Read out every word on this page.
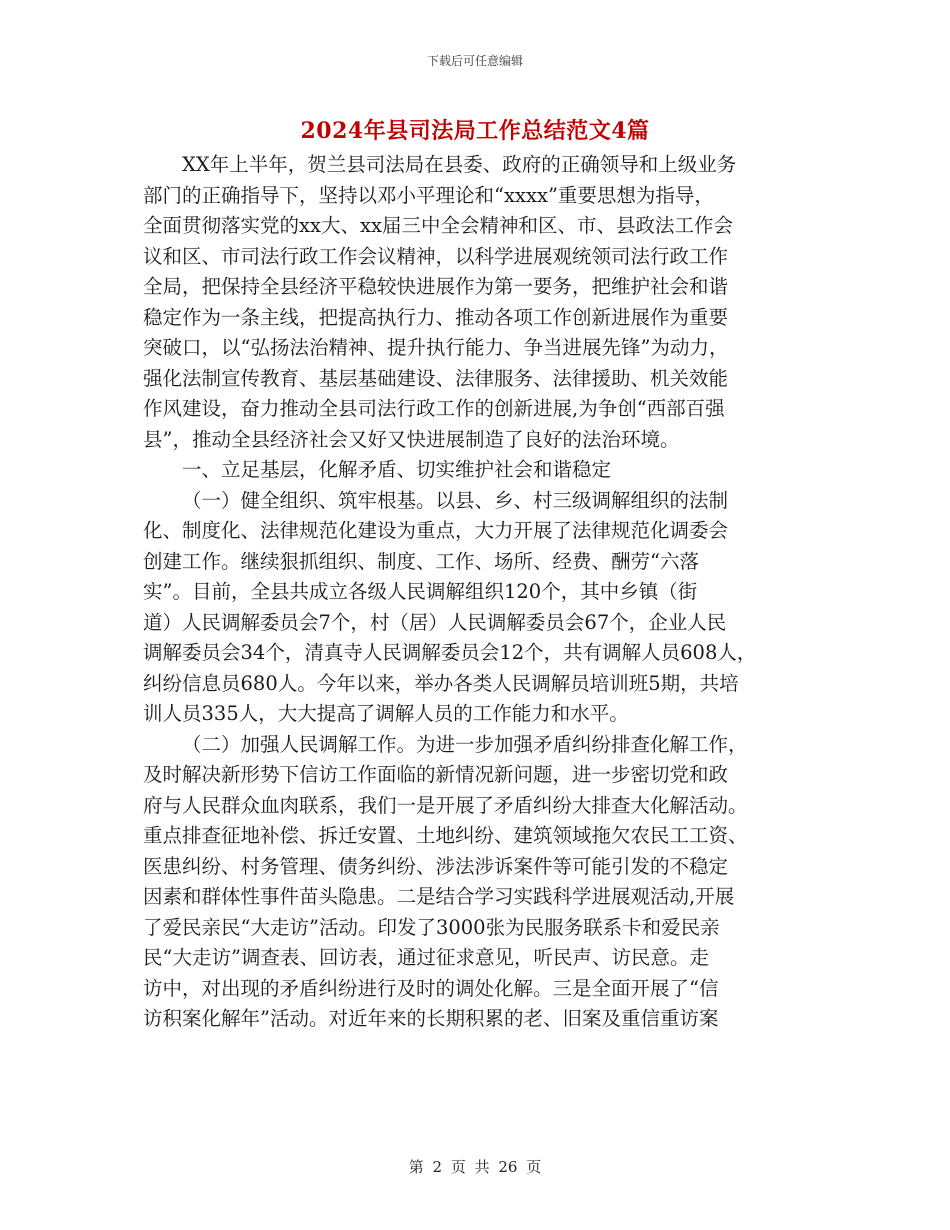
下载后可任意编辑
2024年县司法局工作总结范文4篇
XX年上半年，贺兰县司法局在县委、政府的正确领导和上级业务
部门的正确指导下，坚持以邓小平理论和“xxxx”重要思想为指导，
全面贯彻落实党的xx大、xx届三中全会精神和区、市、县政法工作会
议和区、市司法行政工作会议精神，以科学进展观统领司法行政工作
全局，把保持全县经济平稳较快进展作为第一要务，把维护社会和谐
稳定作为一条主线，把提高执行力、推动各项工作创新进展作为重要
突破口，以“弘扬法治精神、提升执行能力、争当进展先锋”为动力，
强化法制宣传教育、基层基础建设、法律服务、法律援助、机关效能
作风建设，奋力推动全县司法行政工作的创新进展,为争创“西部百强
县”，推动全县经济社会又好又快进展制造了良好的法治环境。
一、立足基层，化解矛盾、切实维护社会和谐稳定
（一）健全组织、筑牢根基。以县、乡、村三级调解组织的法制
化、制度化、法律规范化建设为重点，大力开展了法律规范化调委会
创建工作。继续狠抓组织、制度、工作、场所、经费、酬劳“六落
实”。目前，全县共成立各级人民调解组织120个，其中乡镇（街
道）人民调解委员会7个，村（居）人民调解委员会67个，企业人民
调解委员会34个，清真寺人民调解委员会12个，共有调解人员608人，
纠纷信息员680人。今年以来，举办各类人民调解员培训班5期，共培
训人员335人，大大提高了调解人员的工作能力和水平。
（二）加强人民调解工作。为进一步加强矛盾纠纷排查化解工作，
及时解决新形势下信访工作面临的新情况新问题，进一步密切党和政
府与人民群众血肉联系，我们一是开展了矛盾纠纷大排查大化解活动。
重点排查征地补偿、拆迁安置、土地纠纷、建筑领域拖欠农民工工资、
医患纠纷、村务管理、债务纠纷、涉法涉诉案件等可能引发的不稳定
因素和群体性事件苗头隐患。二是结合学习实践科学进展观活动,开展
了爱民亲民“大走访”活动。印发了3000张为民服务联系卡和爱民亲
民“大走访”调查表、回访表，通过征求意见，听民声、访民意。走
访中，对出现的矛盾纠纷进行及时的调处化解。三是全面开展了“信
访积案化解年”活动。对近年来的长期积累的老、旧案及重信重访案
第 2 页 共 26 页
